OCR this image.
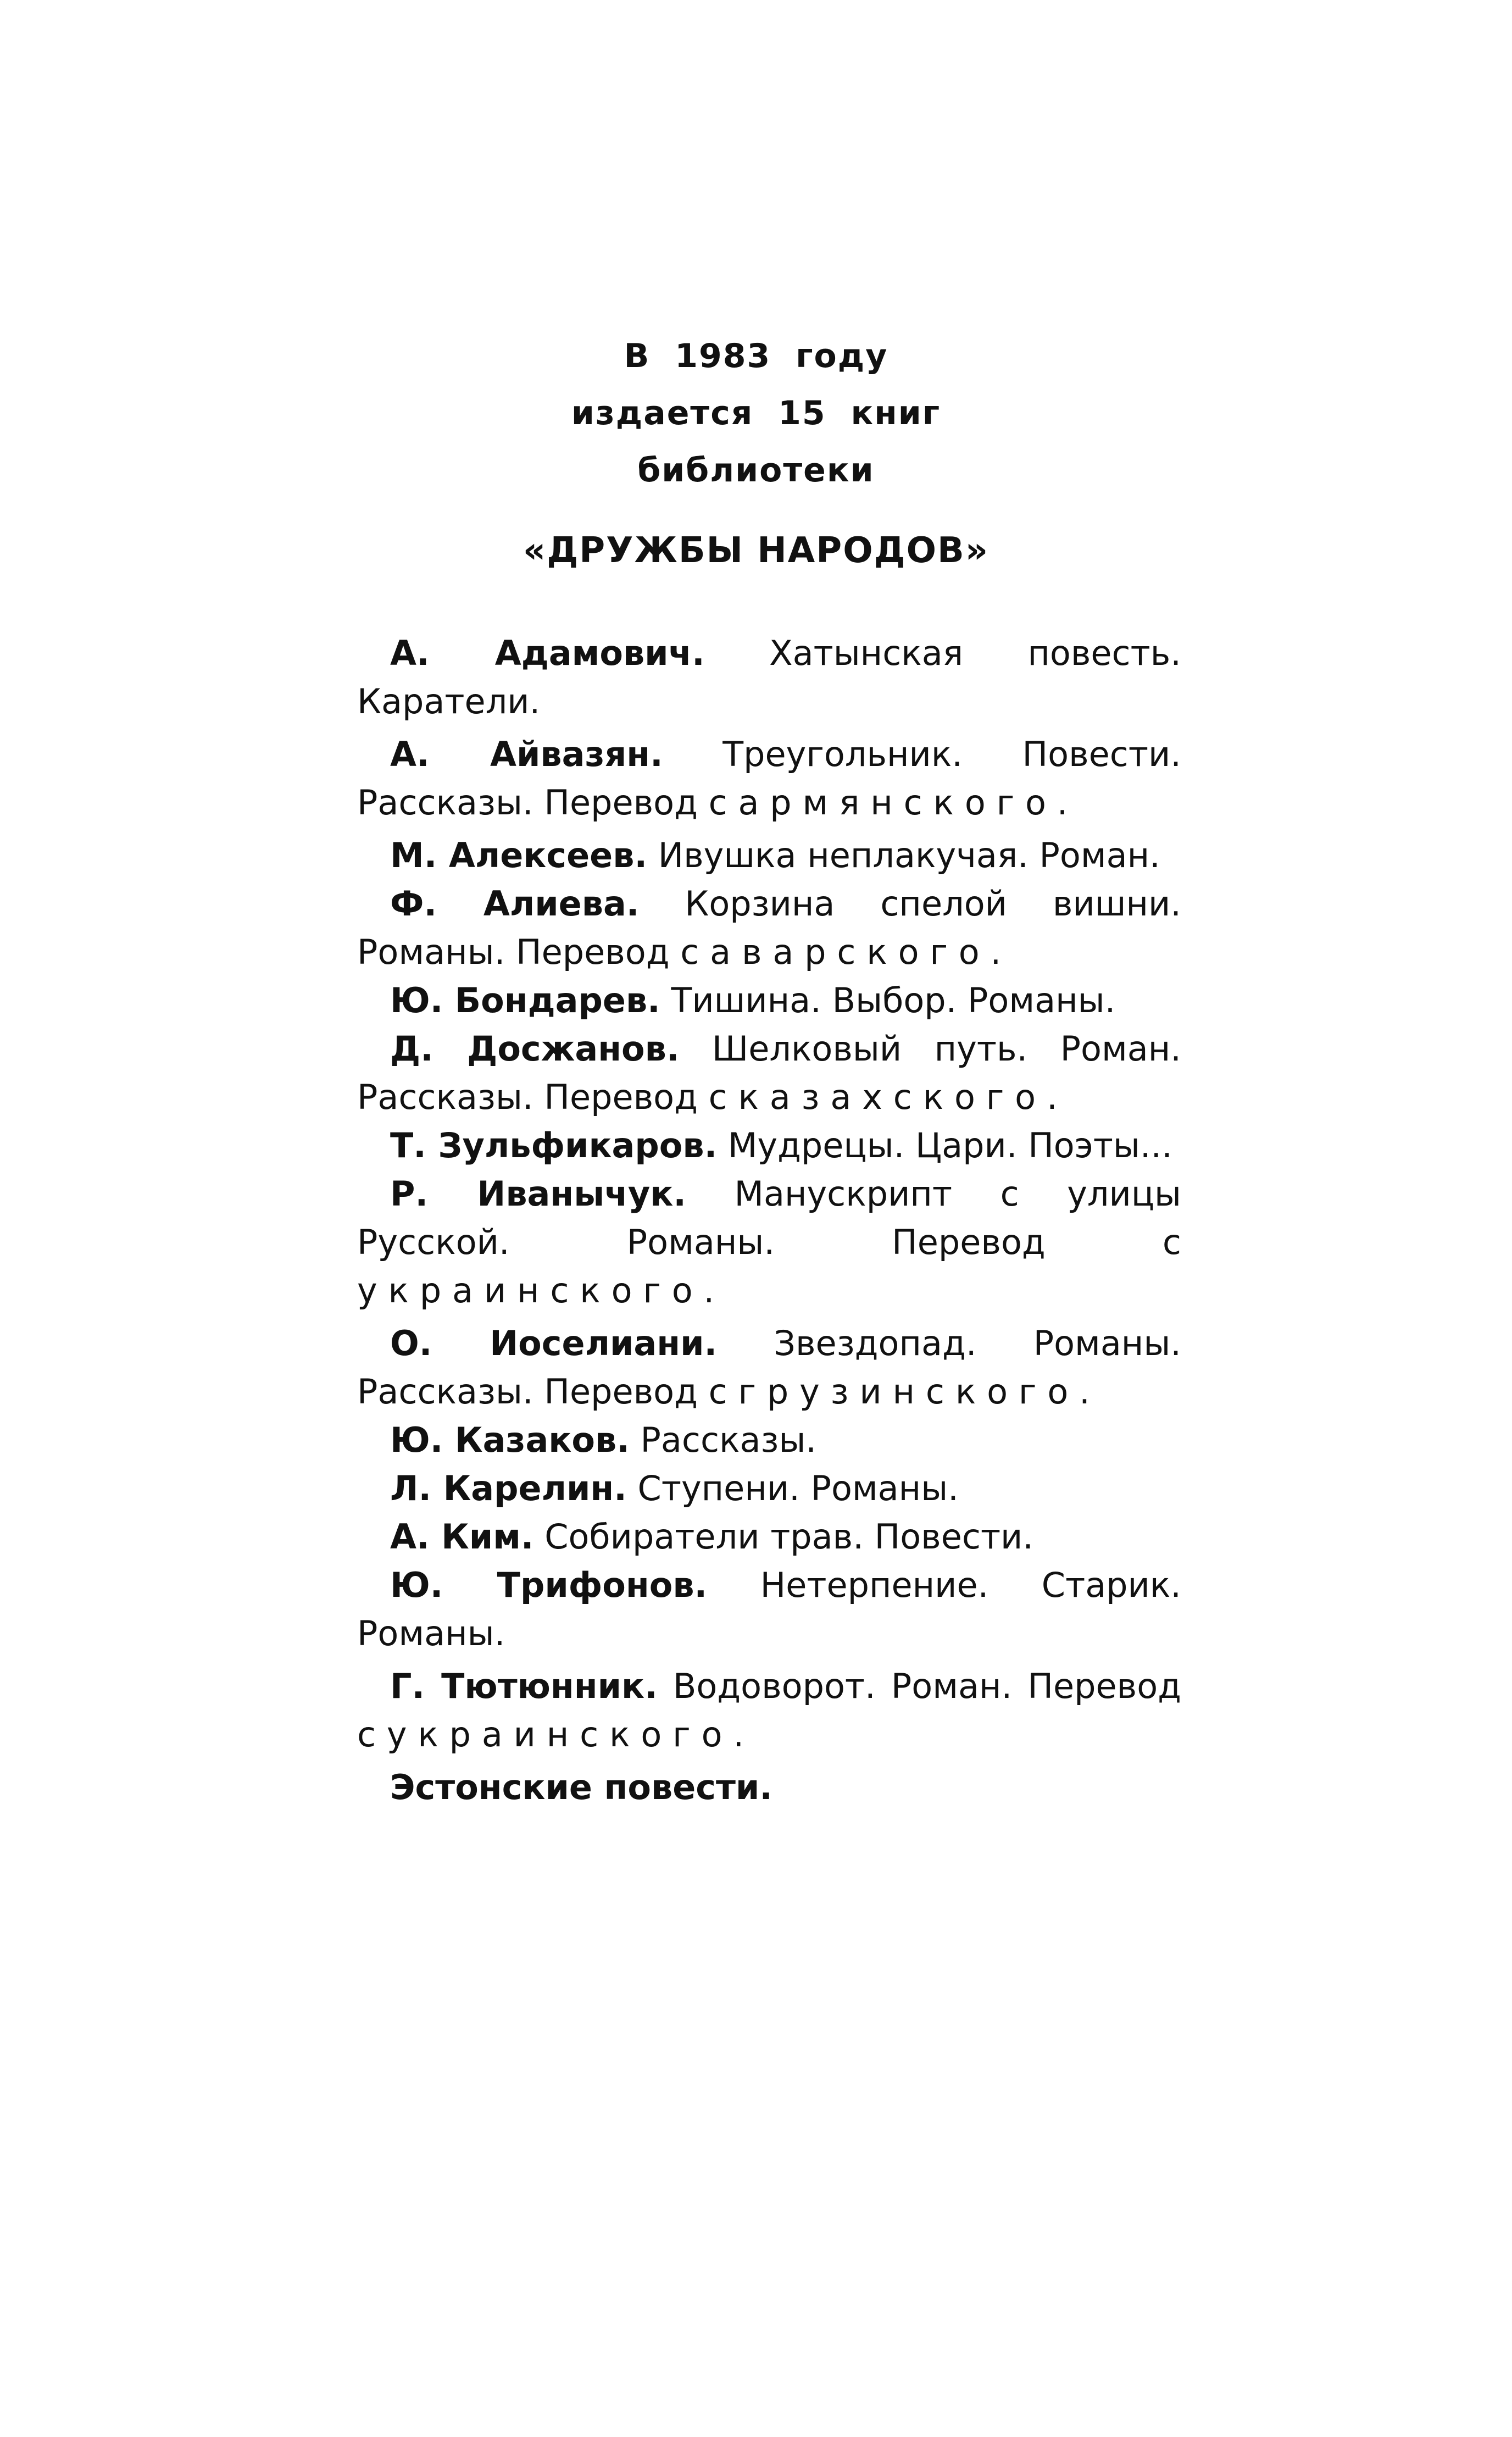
В 1983 году
издается 15 книг
библиотеки
«ДРУЖБЫ НАРОДОВ»

А. Адамович. Хатынская повесть. Каратели.

А. Айвазян. Треугольник. Повести. Рассказы. Перевод с армянского.

М. Алексеев. Ивушка неплакучая. Роман.

Ф. Алиева. Корзина спелой вишни. Романы. Перевод с аварского.

Ю. Бондарев. Тишина. Выбор. Романы.

Д. Досжанов. Шелковый путь. Роман. Рассказы. Перевод с казахского.

Т. Зульфикаров. Мудрецы. Цари. Поэты...

Р. Иванычук. Манускрипт с улицы Русской. Романы. Перевод с украинского.

О. Иоселиани. Звездопад. Романы. Рассказы. Перевод с грузинского.

Ю. Казаков. Рассказы.

Л. Карелин. Ступени. Романы.

А. Ким. Собиратели трав. Повести.

Ю. Трифонов. Нетерпение. Старик. Романы.

Г. Тютюнник. Водоворот. Роман. Перевод с украинского.

Эстонские повести.
